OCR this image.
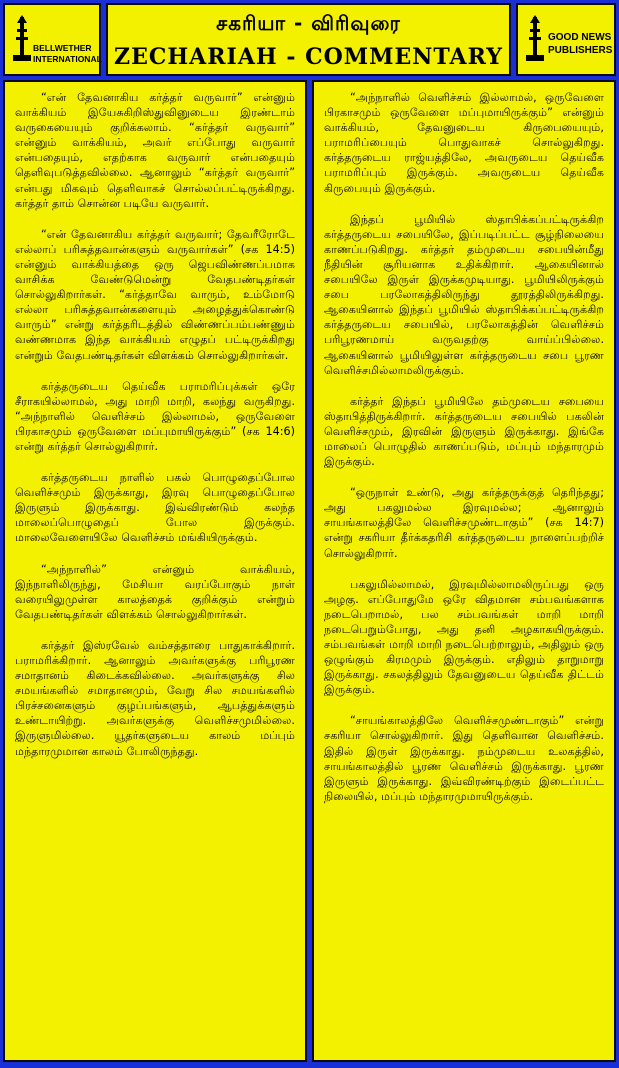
BELLWETHER
INTERNATIONAL
சகரியா - விரிவுரை
ZECHARIAH - COMMENTARY
GOOD NEWS
PUBLISHERS

“என் தேவனாகிய கர்த்தர் வருவார்” என்னும் வாக்கியம் இயேசுகிறிஸ்துவினுடைய இரண்டாம் வருகையையும் குறிக்கலாம். “கர்த்தர் வருவார்” என்னும் வாக்கியம், அவர் எப்போது வருவார் என்பதையும், எதற்காக வருவார் என்பதையும் தெளிவுபடுத்தவில்லை. ஆனாலும் “கர்த்தர் வருவார்” என்பது மிகவும் தெளிவாகச் சொல்லப்பட்டிருக்கிறது. கர்த்தர் தாம் சொன்ன படியே வருவார்.

“என் தேவனாகிய கர்த்தர் வருவார்; தேவரீரோடே எல்லாப் பரிசுத்தவான்களும் வருவார்கள்” (சக 14:5) என்னும் வாக்கியத்தை ஒரு ஜெபவிண்ணப்பமாக வாசிக்க வேண்டுமென்று வேதபண்டிதர்கள் சொல்லுகிறார்கள். “கர்த்தாவே வாரும், உம்மோடு எல்லா பரிசுத்தவான்களையும் அழைத்துக்கொண்டு வாரும்” என்று கர்த்தரிடத்தில் விண்ணப்பம்பண்ணும் வண்ணமாக இந்த வாக்கியம் எழுதப் பட்டிருக்கிறது என்றும் வேதபண்டிதர்கள் விளக்கம் சொல்லுகிறார்கள்.

கர்த்தருடைய தெய்வீக பராமரிப்புக்கள் ஒரே சீராகயில்லாமல், அது மாறி மாறி, கலந்து வருகிறது. “அந்நாளில் வெளிச்சம் இல்லாமல், ஒருவேளை பிரகாசமும் ஒருவேளை மப்புமாயிருக்கும்” (சக 14:6) என்று கர்த்தர் சொல்லுகிறார்.

கர்த்தருடைய நாளில் பகல் பொழுதைப்போல வெளிச்சமும் இருக்காது, இரவு பொழுதைப்போல இருளும் இருக்காது. இவ்விரண்டும் கலந்த மாலைப்பொழுதைப் போல இருக்கும். மாலைவேளையிலே வெளிச்சம் மங்கியிருக்கும்.

“அந்நாளில்” என்னும் வாக்கியம், இந்நாளிலிருந்து, மேசியா வரப்போகும் நாள் வரையிலுமுள்ள காலத்தைக் குறிக்கும் என்றும் வேதபண்டிதர்கள் விளக்கம் சொல்லுகிறார்கள்.

கர்த்தர் இஸ்ரவேல் வம்சத்தாரை பாதுகாக்கிறார். பராமரிக்கிறார். ஆனாலும் அவர்களுக்கு பரிபூரண சமாதானம் கிடைக்கவில்லை. அவர்களுக்கு சில சமயங்களில் சமாதானமும், வேறு சில சமயங்களில் பிரச்சனைகளும் குழப்பங்களும், ஆபத்துக்களும் உண்டாயிற்று. அவர்களுக்கு வெளிச்சமுமில்லை. இருளுமில்லை. யூதர்களுடைய காலம் மப்பும் மந்தாரமுமான காலம் போலிருந்தது.

“அந்நாளில் வெளிச்சம் இல்லாமல், ஒருவேளை பிரகாசமும் ஒருவேளை மப்புமாயிருக்கும்” என்னும் வாக்கியம், தேவனுடைய கிருபையையும், பராமரிப்பையும் பொதுவாகச் சொல்லுகிறது. கர்த்தருடைய ராஜ்யத்திலே, அவருடைய தெய்வீக பராமரிப்பும் இருக்கும். அவருடைய தெய்வீக கிருபையும் இருக்கும்.

இந்தப் பூமியில் ஸ்தாபிக்கப்பட்டிருக்கிற கர்த்தருடைய சபையிலே, இப்படிப்பட்ட சூழ்நிலையை காணப்படுகிறது. கர்த்தர் தம்முடைய சபையின்மீது நீதியின் சூரியனாக உதிக்கிறார். ஆகையினால் சபையிலே இருள் இருக்கமுடியாது. பூமியிலிருக்கும் சபை பரலோகத்திலிருந்து தூரத்திலிருக்கிறது. ஆகையினால் இந்தப் பூமியில் ஸ்தாபிக்கப்பட்டிருக்கிற கர்த்தருடைய சபையில், பரலோகத்தின் வெளிச்சம் பரிபூரணமாய் வருவதற்கு வாய்ப்பில்லை. ஆகையினால் பூமியிலுள்ள கர்த்தருடைய சபை பூரண வெளிச்சமில்லாமலிருக்கும்.

கர்த்தர் இந்தப் பூமியிலே தம்முடைய சபையை ஸ்தாபித்திருக்கிறார். கர்த்தருடைய சபையில் பகலின் வெளிச்சமும், இரவின் இருளும் இருக்காது. இங்கே மாலைப் பொழுதில் காணப்படும், மப்பும் மந்தாரமும் இருக்கும்.

“ஒருநாள் உண்டு, அது கர்த்தருக்குத் தெரிந்தது; அது பகலுமல்ல இரவுமல்ல; ஆனாலும் சாயங்காலத்திலே வெளிச்சமுண்டாகும்” (சக 14:7) என்று சகரியா தீர்க்கதரிசி கர்த்தருடைய நாளைப்பற்றிச் சொல்லுகிறார்.

பகலுமில்லாமல், இரவுமில்லாமலிருப்பது ஒரு அழகு. எப்போதுமே ஒரே விதமான சம்பவங்களாக நடைபெறாமல், பல சம்பவங்கள் மாறி மாறி நடைபெறும்போது, அது தனி அழகாகயிருக்கும். சம்பவங்கள் மாறி மாறி நடைபெற்றாலும், அதிலும் ஒரு ஒழுங்கும் கிரமமும் இருக்கும். எதிலும் தாறுமாறு இருக்காது. சகலத்திலும் தேவனுடைய தெய்வீக திட்டம் இருக்கும்.

“சாயங்காலத்திலே வெளிச்சமுண்டாகும்” என்று சகரியா சொல்லுகிறார். இது தெளிவான வெளிச்சம். இதில் இருள் இருக்காது. நம்முடைய உலகத்தில், சாயங்காலத்தில் பூரண வெளிச்சம் இருக்காது. பூரண இருளும் இருக்காது. இவ்விரண்டிற்கும் இடைப்பட்ட நிலையில், மப்பும் மந்தாரமுமாயிருக்கும்.
